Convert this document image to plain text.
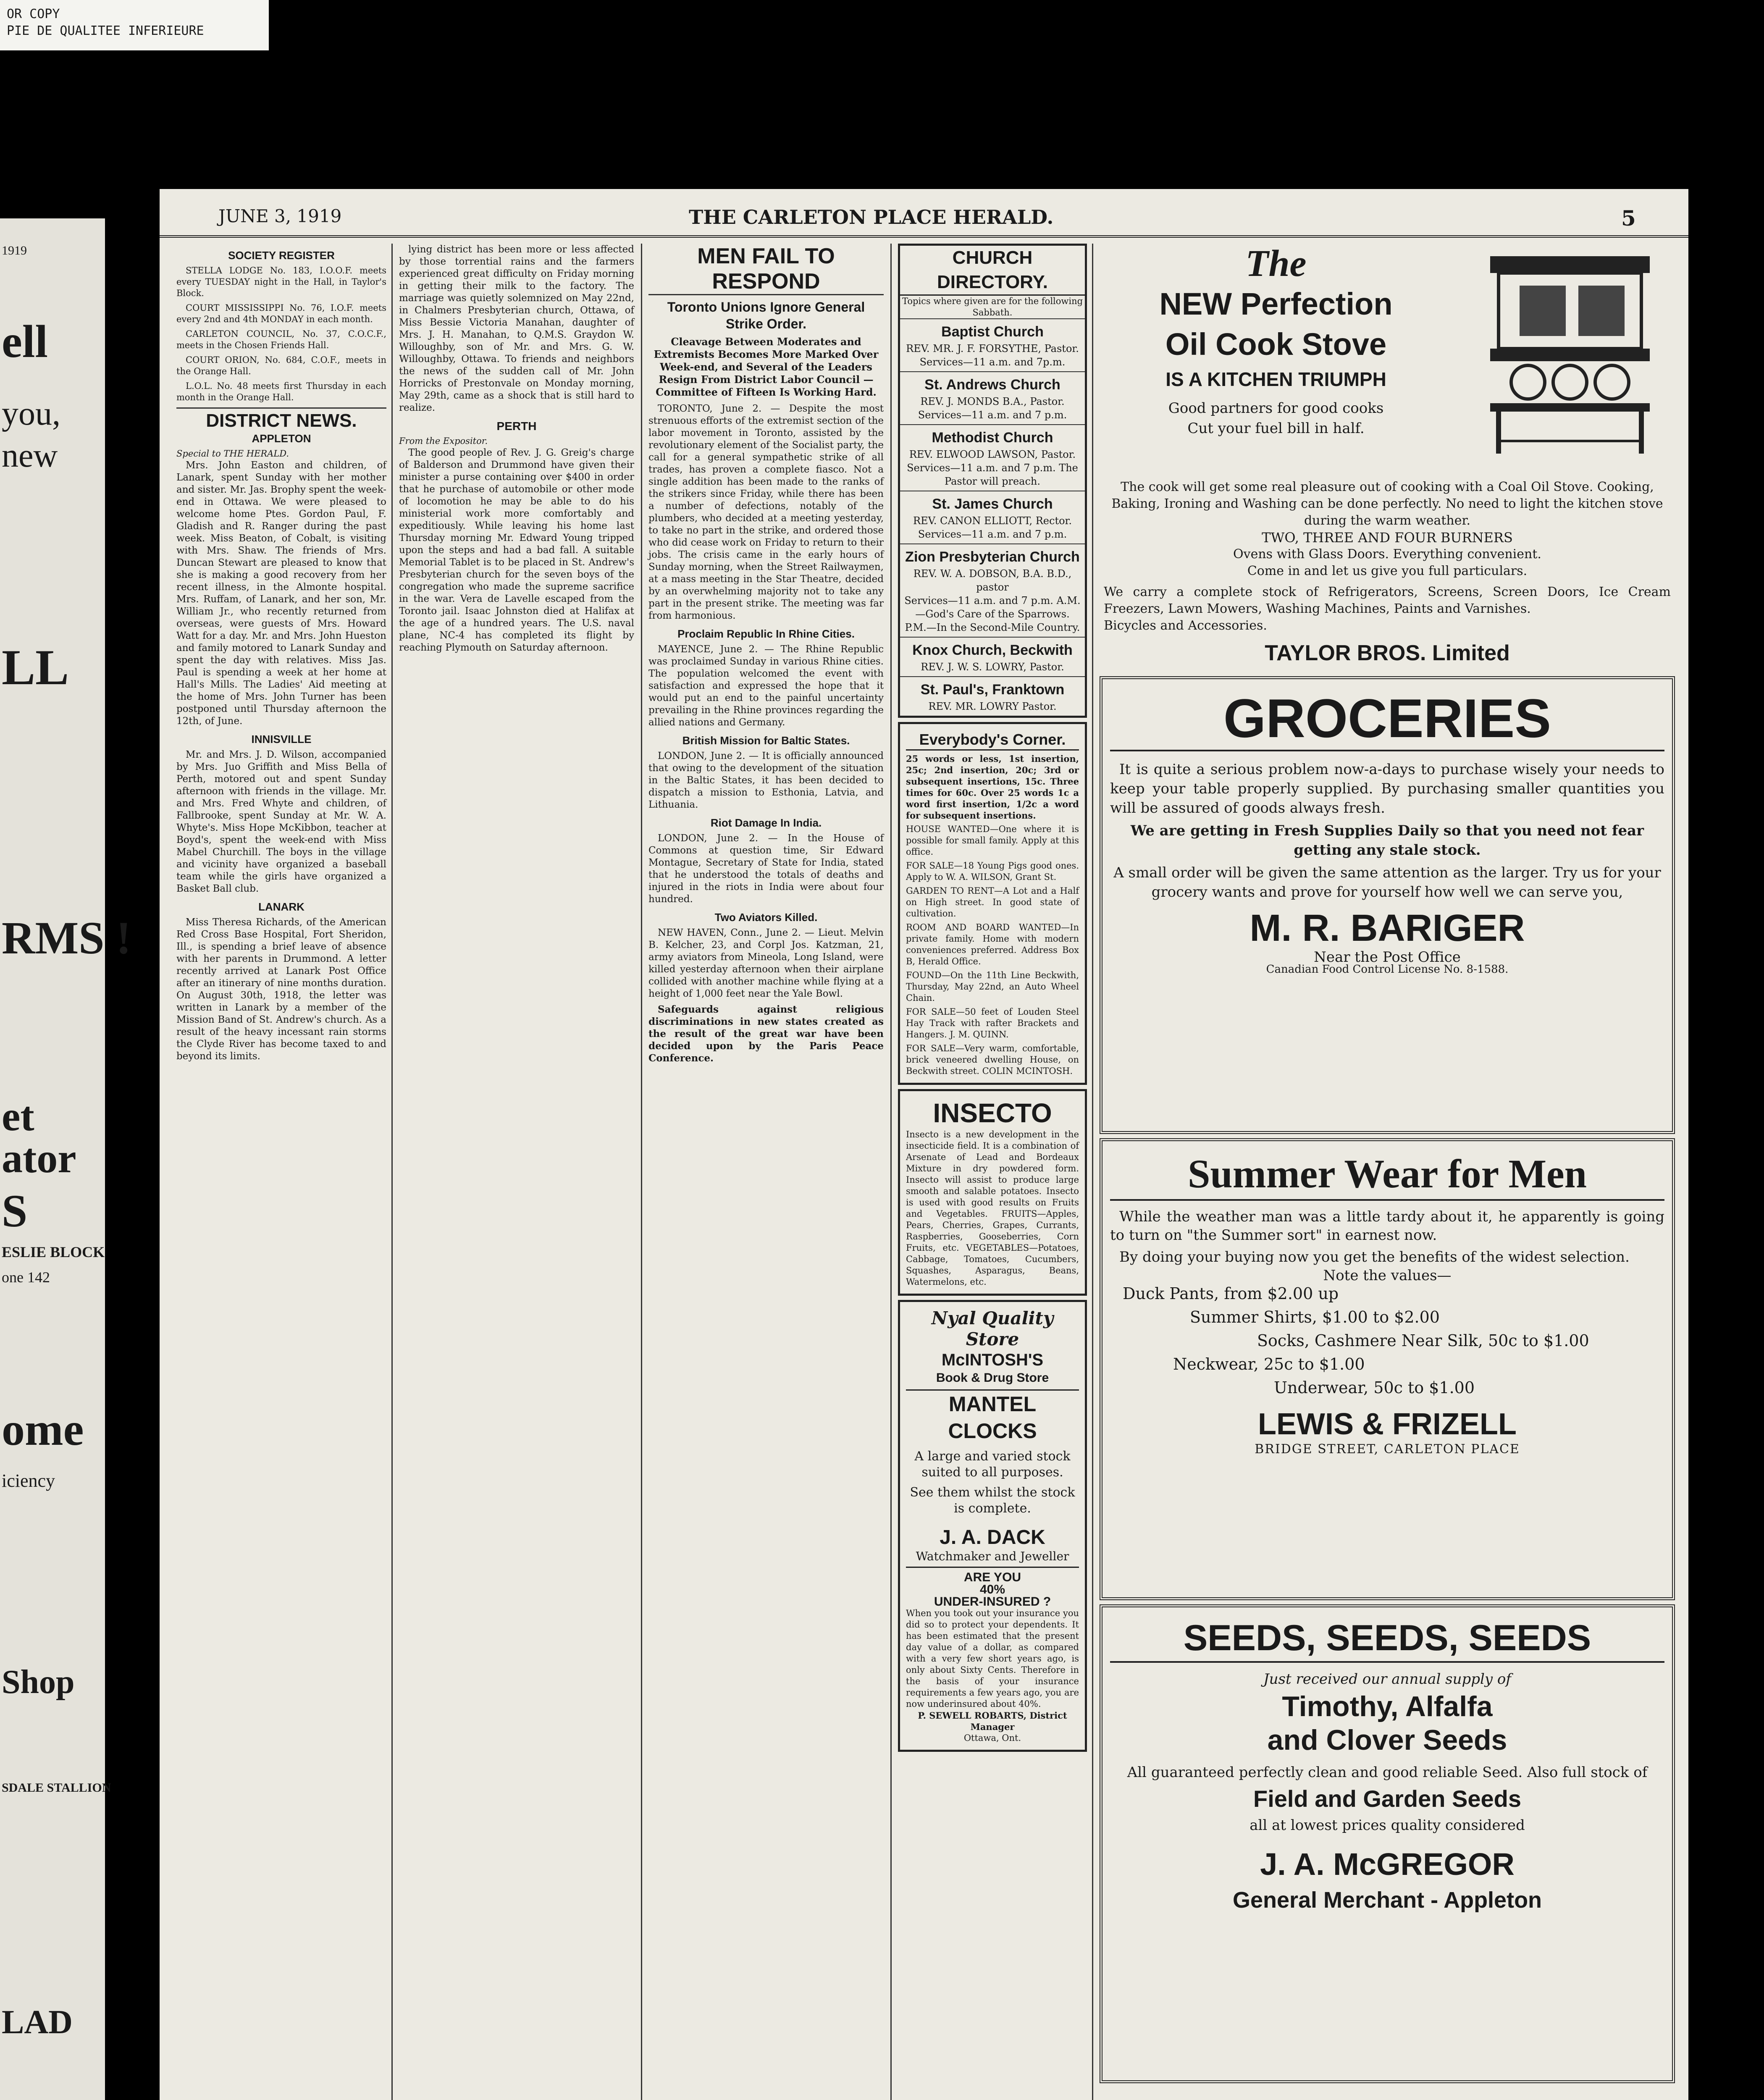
OR COPY
PIE DE QUALITEE INFERIEURE
1919
ell
you,
new
LL
RMS !
et
ator
S
ESLIE BLOCK
one 142
ome
iciency
Shop
SDALE STALLION
LAD
JUNE 3, 1919	THE CARLETON PLACE HERALD.	5
SOCIETY REGISTER

STELLA LODGE No. 183, I.O.O.F. meets every TUESDAY night in the Hall, in Taylor's Block.

COURT MISSISSIPPI No. 76, I.O.F. meets every 2nd and 4th MONDAY in each month.

CARLETON COUNCIL, No. 37, C.O.C.F., meets in the Chosen Friends Hall.

COURT ORION, No. 684, C.O.F., meets in the Orange Hall.

L.O.L. No. 48 meets first Thursday in each month in the Orange Hall.

DISTRICT NEWS.
APPLETON
Special to THE HERALD.

Mrs. John Easton and children, of Lanark, spent Sunday with her mother and sister. Mr. Jas. Brophy spent the week-end in Ottawa. We were pleased to welcome home Ptes. Gordon Paul, F. Gladish and R. Ranger during the past week. Miss Beaton, of Cobalt, is visiting with Mrs. Shaw. The friends of Mrs. Duncan Stewart are pleased to know that she is making a good recovery from her recent illness, in the Almonte hospital. Mrs. Ruffam, of Lanark, and her son, Mr. William Jr., who recently returned from overseas, were guests of Mrs. Howard Watt for a day. Mr. and Mrs. John Hueston and family motored to Lanark Sunday and spent the day with relatives. Miss Jas. Paul is spending a week at her home at Hall's Mills. The Ladies' Aid meeting at the home of Mrs. John Turner has been postponed until Thursday afternoon the 12th, of June.

INNISVILLE

Mr. and Mrs. J. D. Wilson, accompanied by Mrs. Juo Griffith and Miss Bella of Perth, motored out and spent Sunday afternoon with friends in the village. Mr. and Mrs. Fred Whyte and children, of Fallbrooke, spent Sunday at Mr. W. A. Whyte's. Miss Hope McKibbon, teacher at Boyd's, spent the week-end with Miss Mabel Churchill. The boys in the village and vicinity have organized a baseball team while the girls have organized a Basket Ball club.

LANARK

Miss Theresa Richards, of the American Red Cross Base Hospital, Fort Sheridon, Ill., is spending a brief leave of absence with her parents in Drummond. A letter recently arrived at Lanark Post Office after an itinerary of nine months duration. On August 30th, 1918, the letter was written in Lanark by a member of the Mission Band of St. Andrew's church. As a result of the heavy incessant rain storms the Clyde River has become taxed to and beyond its limits.

lying district has been more or less affected by those torrential rains and the farmers experienced great difficulty on Friday morning in getting their milk to the factory. The marriage was quietly solemnized on May 22nd, in Chalmers Presbyterian church, Ottawa, of Miss Bessie Victoria Manahan, daughter of Mrs. J. H. Manahan, to Q.M.S. Graydon W. Willoughby, son of Mr. and Mrs. G. W. Willoughby, Ottawa. To friends and neighbors the news of the sudden call of Mr. John Horricks of Prestonvale on Monday morning, May 29th, came as a shock that is still hard to realize.

PERTH
From the Expositor.

The good people of Rev. J. G. Greig's charge of Balderson and Drummond have given their minister a purse containing over $400 in order that he purchase of automobile or other mode of locomotion he may be able to do his ministerial work more comfortably and expeditiously. While leaving his home last Thursday morning Mr. Edward Young tripped upon the steps and had a bad fall. A suitable Memorial Tablet is to be placed in St. Andrew's Presbyterian church for the seven boys of the congregation who made the supreme sacrifice in the war. Vera de Lavelle escaped from the Toronto jail. Isaac Johnston died at Halifax at the age of a hundred years. The U.S. naval plane, NC-4 has completed its flight by reaching Plymouth on Saturday afternoon.

MEN FAIL TO RESPOND
Toronto Unions Ignore General Strike Order.
Cleavage Between Moderates and Extremists Becomes More Marked Over Week-end, and Several of the Leaders Resign From District Labor Council — Committee of Fifteen Is Working Hard.

TORONTO, June 2. — Despite the most strenuous efforts of the extremist section of the labor movement in Toronto, assisted by the revolutionary element of the Socialist party, the call for a general sympathetic strike of all trades, has proven a complete fiasco. Not a single addition has been made to the ranks of the strikers since Friday, while there has been a number of defections, notably of the plumbers, who decided at a meeting yesterday, to take no part in the strike, and ordered those who did cease work on Friday to return to their jobs. The crisis came in the early hours of Sunday morning, when the Street Railwaymen, at a mass meeting in the Star Theatre, decided by an overwhelming majority not to take any part in the present strike. The meeting was far from harmonious.

Proclaim Republic In Rhine Cities.

MAYENCE, June 2. — The Rhine Republic was proclaimed Sunday in various Rhine cities. The population welcomed the event with satisfaction and expressed the hope that it would put an end to the painful uncertainty prevailing in the Rhine provinces regarding the allied nations and Germany.

British Mission for Baltic States.

LONDON, June 2. — It is officially announced that owing to the development of the situation in the Baltic States, it has been decided to dispatch a mission to Esthonia, Latvia, and Lithuania.

Riot Damage In India.

LONDON, June 2. — In the House of Commons at question time, Sir Edward Montague, Secretary of State for India, stated that he understood the totals of deaths and injured in the riots in India were about four hundred.

Two Aviators Killed.

NEW HAVEN, Conn., June 2. — Lieut. Melvin B. Kelcher, 23, and Corpl Jos. Katzman, 21, army aviators from Mineola, Long Island, were killed yesterday afternoon when their airplane collided with another machine while flying at a height of 1,000 feet near the Yale Bowl.

Safeguards against religious discriminations in new states created as the result of the great war have been decided upon by the Paris Peace Conference.

CHURCH DIRECTORY.
Topics where given are for the following Sabbath.
Baptist Church
REV. MR. J. F. FORSYTHE, Pastor.
Services—11 a.m. and 7p.m.
St. Andrews Church
REV. J. MONDS B.A., Pastor.
Services—11 a.m. and 7 p.m.
Methodist Church
REV. ELWOOD LAWSON, Pastor.
Services—11 a.m. and 7 p.m. The Pastor will preach.
St. James Church
REV. CANON ELLIOTT, Rector.
Services—11 a.m. and 7 p.m.
Zion Presbyterian Church
REV. W. A. DOBSON, B.A. B.D., pastor
Services—11 a.m. and 7 p.m. A.M.—God's Care of the Sparrows. P.M.—In the Second-Mile Country.
Knox Church, Beckwith
REV. J. W. S. LOWRY, Pastor.
St. Paul's, Franktown
REV. MR. LOWRY Pastor.
Everybody's Corner.
25 words or less, 1st insertion, 25c; 2nd insertion, 20c; 3rd or subsequent insertions, 15c. Three times for 60c. Over 25 words 1c a word first insertion, 1/2c a word for subsequent insertions.
HOUSE WANTED—One where it is possible for small family. Apply at this office.
FOR SALE—18 Young Pigs good ones. Apply to W. A. WILSON, Grant St.
GARDEN TO RENT—A Lot and a Half on High street. In good state of cultivation.
ROOM AND BOARD WANTED—In private family. Home with modern conveniences preferred. Address Box B, Herald Office.
FOUND—On the 11th Line Beckwith, Thursday, May 22nd, an Auto Wheel Chain.
FOR SALE—50 feet of Louden Steel Hay Track with rafter Brackets and Hangers. J. M. QUINN.
FOR SALE—Very warm, comfortable, brick veneered dwelling House, on Beckwith street. COLIN MCINTOSH.
INSECTO
Insecto is a new development in the insecticide field. It is a combination of Arsenate of Lead and Bordeaux Mixture in dry powdered form. Insecto will assist to produce large smooth and salable potatoes. Insecto is used with good results on Fruits and Vegetables. FRUITS—Apples, Pears, Cherries, Grapes, Currants, Raspberries, Gooseberries, Corn Fruits, etc. VEGETABLES—Potatoes, Cabbage, Tomatoes, Cucumbers, Squashes, Asparagus, Beans, Watermelons, etc.
Nyal Quality Store
McINTOSH'S
Book & Drug Store
MANTEL CLOCKS
A large and varied stock suited to all purposes.
See them whilst the stock is complete.
J. A. DACK
Watchmaker and Jeweller
ARE YOU
40%
UNDER-INSURED ?
When you took out your insurance you did so to protect your dependents. It has been estimated that the present day value of a dollar, as compared with a very few short years ago, is only about Sixty Cents. Therefore in the basis of your insurance requirements a few years ago, you are now underinsured about 40%.
P. SEWELL ROBARTS, District Manager
Ottawa, Ont.
The
NEW Perfection
Oil Cook Stove
IS A KITCHEN TRIUMPH
Good partners for good cooks
Cut your fuel bill in half.
The cook will get some real pleasure out of cooking with a Coal Oil Stove. Cooking, Baking, Ironing and Washing can be done perfectly. No need to light the kitchen stove during the warm weather.
TWO, THREE AND FOUR BURNERS
Ovens with Glass Doors. Everything convenient.
Come in and let us give you full particulars.
We carry a complete stock of Refrigerators, Screens, Screen Doors, Ice Cream Freezers, Lawn Mowers, Washing Machines, Paints and Varnishes.
Bicycles and Accessories.
TAYLOR BROS. Limited
GROCERIES

It is quite a serious problem now-a-days to purchase wisely your needs to keep your table properly supplied. By purchasing smaller quantities you will be assured of goods always fresh.

We are getting in Fresh Supplies Daily so that you need not fear getting any stale stock.

A small order will be given the same attention as the larger. Try us for your grocery wants and prove for yourself how well we can serve you,

M. R. BARIGER
Near the Post Office
Canadian Food Control License No. 8-1588.
Summer Wear for Men

While the weather man was a little tardy about it, he apparently is going to turn on "the Summer sort" in earnest now.

By doing your buying now you get the benefits of the widest selection.

Note the values—
Duck Pants, from $2.00 up
Summer Shirts, $1.00 to $2.00
Socks, Cashmere Near Silk, 50c to $1.00
Neckwear, 25c to $1.00
Underwear, 50c to $1.00
LEWIS & FRIZELL
BRIDGE STREET, CARLETON PLACE
SEEDS, SEEDS, SEEDS
Just received our annual supply of
Timothy, Alfalfa
and Clover Seeds
All guaranteed perfectly clean and good reliable Seed. Also full stock of
Field and Garden Seeds
all at lowest prices quality considered
J. A. McGREGOR
General Merchant - Appleton
